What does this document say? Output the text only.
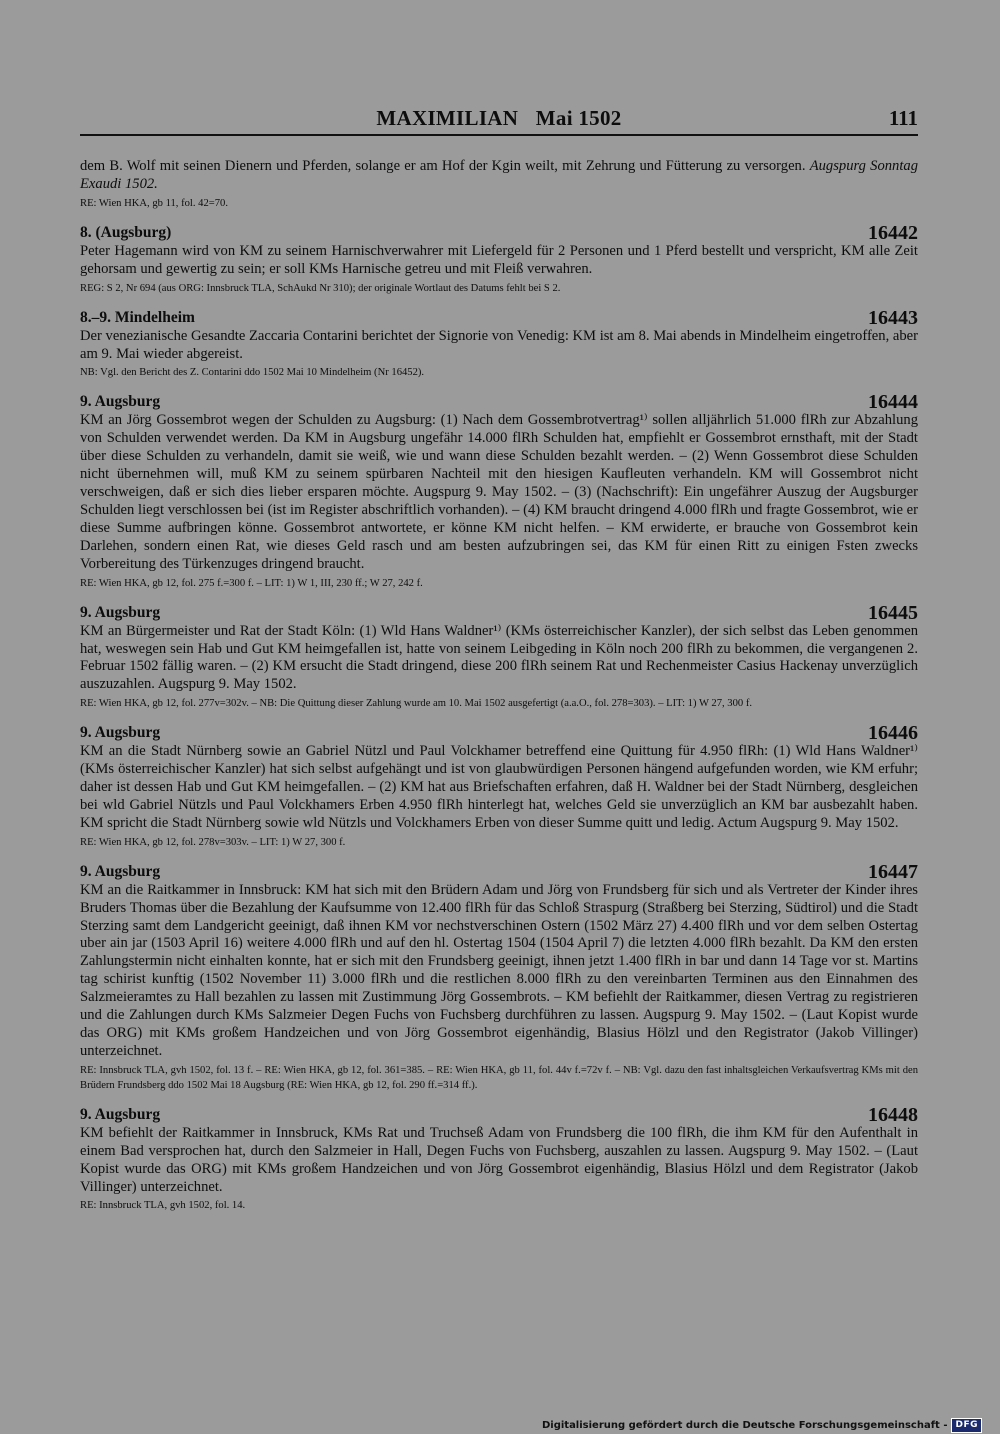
MAXIMILIAN Mai 1502	111

dem B. Wolf mit seinen Dienern und Pferden, solange er am Hof der Kgin weilt, mit Zehrung und Fütterung zu versorgen. Augspurg Sonntag Exaudi 1502.

RE: Wien HKA, gb 11, fol. 42=70.
8. (Augsburg)	16442

Peter Hagemann wird von KM zu seinem Harnischverwahrer mit Liefergeld für 2 Personen und 1 Pferd bestellt und verspricht, KM alle Zeit gehorsam und gewertig zu sein; er soll KMs Harnische getreu und mit Fleiß verwahren.

REG: S 2, Nr 694 (aus ORG: Innsbruck TLA, SchAukd Nr 310); der originale Wortlaut des Datums fehlt bei S 2.
8.–9. Mindelheim	16443

Der venezianische Gesandte Zaccaria Contarini berichtet der Signorie von Venedig: KM ist am 8. Mai abends in Mindelheim eingetroffen, aber am 9. Mai wieder abgereist.

NB: Vgl. den Bericht des Z. Contarini ddo 1502 Mai 10 Mindelheim (Nr 16452).
9. Augsburg	16444

KM an Jörg Gossembrot wegen der Schulden zu Augsburg: (1) Nach dem Gossembrotvertrag¹⁾ sollen alljährlich 51.000 flRh zur Abzahlung von Schulden verwendet werden. Da KM in Augsburg ungefähr 14.000 flRh Schulden hat, empfiehlt er Gossembrot ernsthaft, mit der Stadt über diese Schulden zu verhandeln, damit sie weiß, wie und wann diese Schulden bezahlt werden. – (2) Wenn Gossembrot diese Schulden nicht übernehmen will, muß KM zu seinem spürbaren Nachteil mit den hiesigen Kaufleuten verhandeln. KM will Gossembrot nicht verschweigen, daß er sich dies lieber ersparen möchte. Augspurg 9. May 1502. – (3) (Nachschrift): Ein ungefährer Auszug der Augsburger Schulden liegt verschlossen bei (ist im Register abschriftlich vorhanden). – (4) KM braucht dringend 4.000 flRh und fragte Gossembrot, wie er diese Summe aufbringen könne. Gossembrot antwortete, er könne KM nicht helfen. – KM erwiderte, er brauche von Gossembrot kein Darlehen, sondern einen Rat, wie dieses Geld rasch und am besten aufzubringen sei, das KM für einen Ritt zu einigen Fsten zwecks Vorbereitung des Türkenzuges dringend braucht.

RE: Wien HKA, gb 12, fol. 275 f.=300 f. – LIT: 1) W 1, III, 230 ff.; W 27, 242 f.
9. Augsburg	16445

KM an Bürgermeister und Rat der Stadt Köln: (1) Wld Hans Waldner¹⁾ (KMs österreichischer Kanzler), der sich selbst das Leben genommen hat, weswegen sein Hab und Gut KM heimgefallen ist, hatte von seinem Leibgeding in Köln noch 200 flRh zu bekommen, die vergangenen 2. Februar 1502 fällig waren. – (2) KM ersucht die Stadt dringend, diese 200 flRh seinem Rat und Rechenmeister Casius Hackenay unverzüglich auszuzahlen. Augspurg 9. May 1502.

RE: Wien HKA, gb 12, fol. 277v=302v. – NB: Die Quittung dieser Zahlung wurde am 10. Mai 1502 ausgefertigt (a.a.O., fol. 278=303). – LIT: 1) W 27, 300 f.
9. Augsburg	16446

KM an die Stadt Nürnberg sowie an Gabriel Nützl und Paul Volckhamer betreffend eine Quittung für 4.950 flRh: (1) Wld Hans Waldner¹⁾ (KMs österreichischer Kanzler) hat sich selbst aufgehängt und ist von glaubwürdigen Personen hängend aufgefunden worden, wie KM erfuhr; daher ist dessen Hab und Gut KM heimgefallen. – (2) KM hat aus Briefschaften erfahren, daß H. Waldner bei der Stadt Nürnberg, desgleichen bei wld Gabriel Nützls und Paul Volckhamers Erben 4.950 flRh hinterlegt hat, welches Geld sie unverzüglich an KM bar ausbezahlt haben. KM spricht die Stadt Nürnberg sowie wld Nützls und Volckhamers Erben von dieser Summe quitt und ledig. Actum Augspurg 9. May 1502.

RE: Wien HKA, gb 12, fol. 278v=303v. – LIT: 1) W 27, 300 f.
9. Augsburg	16447

KM an die Raitkammer in Innsbruck: KM hat sich mit den Brüdern Adam und Jörg von Frundsberg für sich und als Vertreter der Kinder ihres Bruders Thomas über die Bezahlung der Kaufsumme von 12.400 flRh für das Schloß Straspurg (Straßberg bei Sterzing, Südtirol) und die Stadt Sterzing samt dem Landgericht geeinigt, daß ihnen KM vor nechstverschinen Ostern (1502 März 27) 4.400 flRh und vor dem selben Ostertag uber ain jar (1503 April 16) weitere 4.000 flRh und auf den hl. Ostertag 1504 (1504 April 7) die letzten 4.000 flRh bezahlt. Da KM den ersten Zahlungstermin nicht einhalten konnte, hat er sich mit den Frundsberg geeinigt, ihnen jetzt 1.400 flRh in bar und dann 14 Tage vor st. Martins tag schirist kunftig (1502 November 11) 3.000 flRh und die restlichen 8.000 flRh zu den vereinbarten Terminen aus den Einnahmen des Salzmeieramtes zu Hall bezahlen zu lassen mit Zustimmung Jörg Gossembrots. – KM befiehlt der Raitkammer, diesen Vertrag zu registrieren und die Zahlungen durch KMs Salzmeier Degen Fuchs von Fuchsberg durchführen zu lassen. Augspurg 9. May 1502. – (Laut Kopist wurde das ORG) mit KMs großem Handzeichen und von Jörg Gossembrot eigenhändig, Blasius Hölzl und den Registrator (Jakob Villinger) unterzeichnet.

RE: Innsbruck TLA, gvh 1502, fol. 13 f. – RE: Wien HKA, gb 12, fol. 361=385. – RE: Wien HKA, gb 11, fol. 44v f.=72v f. – NB: Vgl. dazu den fast inhaltsgleichen Verkaufsvertrag KMs mit den Brüdern Frundsberg ddo 1502 Mai 18 Augsburg (RE: Wien HKA, gb 12, fol. 290 ff.=314 ff.).
9. Augsburg	16448

KM befiehlt der Raitkammer in Innsbruck, KMs Rat und Truchseß Adam von Frundsberg die 100 flRh, die ihm KM für den Aufenthalt in einem Bad versprochen hat, durch den Salzmeier in Hall, Degen Fuchs von Fuchsberg, auszahlen zu lassen. Augspurg 9. May 1502. – (Laut Kopist wurde das ORG) mit KMs großem Handzeichen und von Jörg Gossembrot eigenhändig, Blasius Hölzl und dem Registrator (Jakob Villinger) unterzeichnet.

RE: Innsbruck TLA, gvh 1502, fol. 14.
Digitalisierung gefördert durch die Deutsche Forschungsgemeinschaft - DFG
